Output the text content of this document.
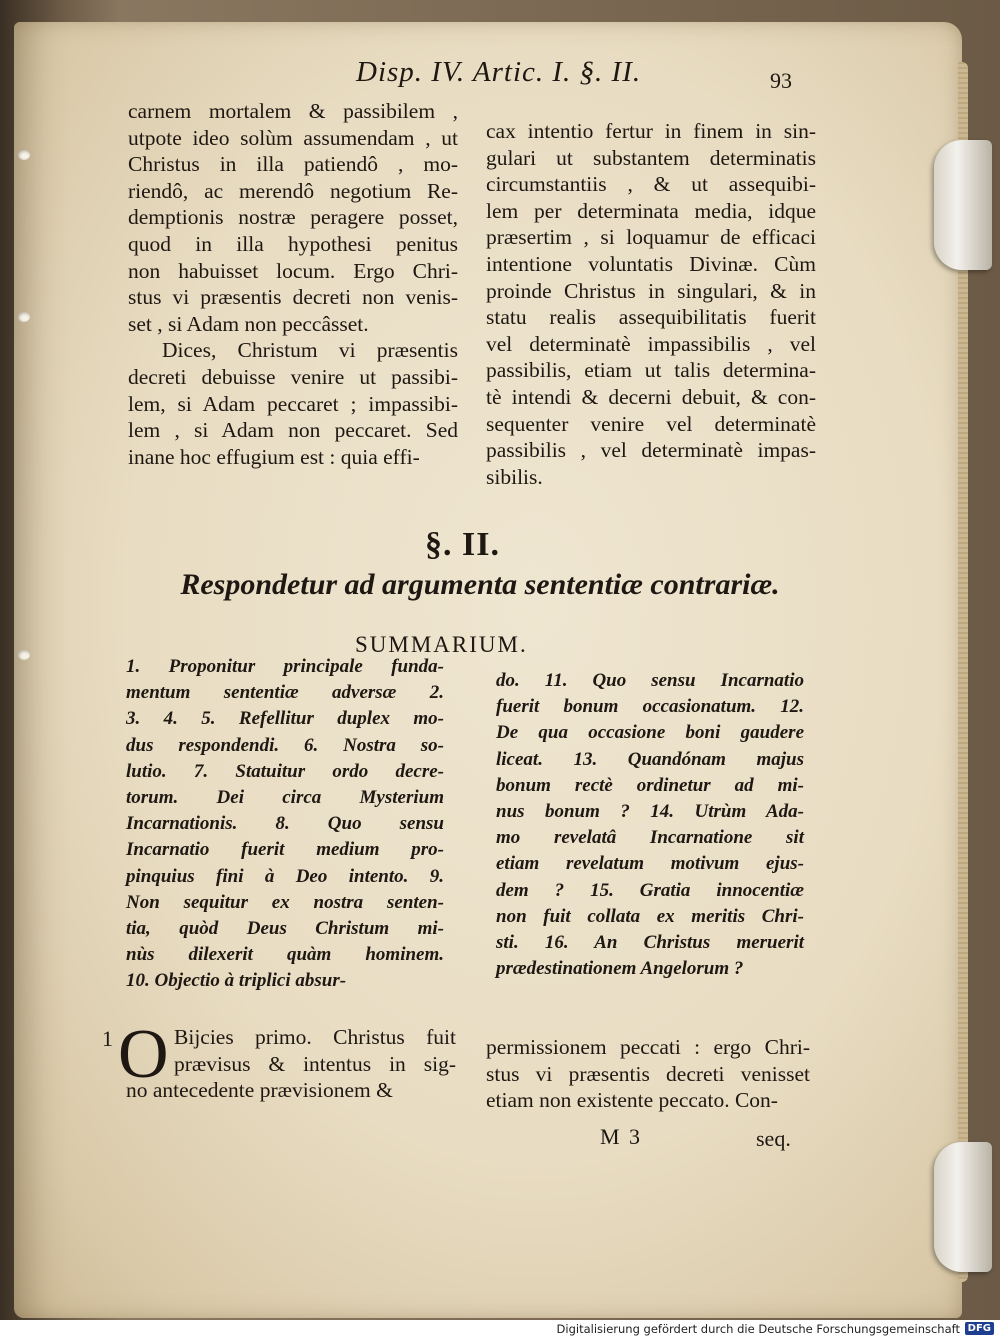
Disp. IV. Artic. I. §. II.	93
carnem mortalem & passibilem ,
utpote ideo solùm assumendam , ut
Christus in illa patiendô , mo-
riendô, ac merendô negotium Re-
demptionis nostræ peragere posset,
quod in illa hypothesi penitus
non habuisset locum. Ergo Chri-
stus vi præsentis decreti non venis-
set , si Adam non peccâsset.
Dices, Christum vi præsentis
decreti debuisse venire ut passibi-
lem, si Adam peccaret ; impassibi-
lem , si Adam non peccaret. Sed
inane hoc effugium est : quia effi-
cax intentio fertur in finem in sin-
gulari ut substantem determinatis
circumstantiis , & ut assequibi-
lem per determinata media, idque
præsertim , si loquamur de efficaci
intentione voluntatis Divinæ. Cùm
proinde Christus in singulari, & in
statu realis assequibilitatis fuerit
vel determinatè impassibilis , vel
passibilis, etiam ut talis determina-
tè intendi & decerni debuit, & con-
sequenter venire vel determinatè
passibilis , vel determinatè impas-
sibilis.
§. II.
Respondetur ad argumenta sententiæ contrariæ.
SUMMARIUM.
1. Proponitur principale funda-
mentum sententiæ adversæ 2.
3. 4. 5. Refellitur duplex mo-
dus respondendi. 6. Nostra so-
lutio. 7. Statuitur ordo decre-
torum. Dei circa Mysterium
Incarnationis. 8. Quo sensu
Incarnatio fuerit medium pro-
pinquius fini à Deo intento. 9.
Non sequitur ex nostra senten-
tia, quòd Deus Christum mi-
nùs dilexerit quàm hominem.
10. Objectio à triplici absur-
do. 11. Quo sensu Incarnatio
fuerit bonum occasionatum. 12.
De qua occasione boni gaudere
liceat. 13. Quandónam majus
bonum rectè ordinetur ad mi-
nus bonum ? 14. Utrùm Ada-
mo revelatâ Incarnatione sit
etiam revelatum motivum ejus-
dem ? 15. Gratia innocentiæ
non fuit collata ex meritis Chri-
sti. 16. An Christus meruerit
prædestinationem Angelorum ?
1 O Bijcies primo. Christus fuit
prævisus & intentus in sig-
no antecedente prævisionem &
permissionem peccati : ergo Chri-
stus vi præsentis decreti venisset
etiam non existente peccato. Con-
M 3	seq.
Digitalisierung gefördert durch die Deutsche Forschungsgemeinschaft DFG
